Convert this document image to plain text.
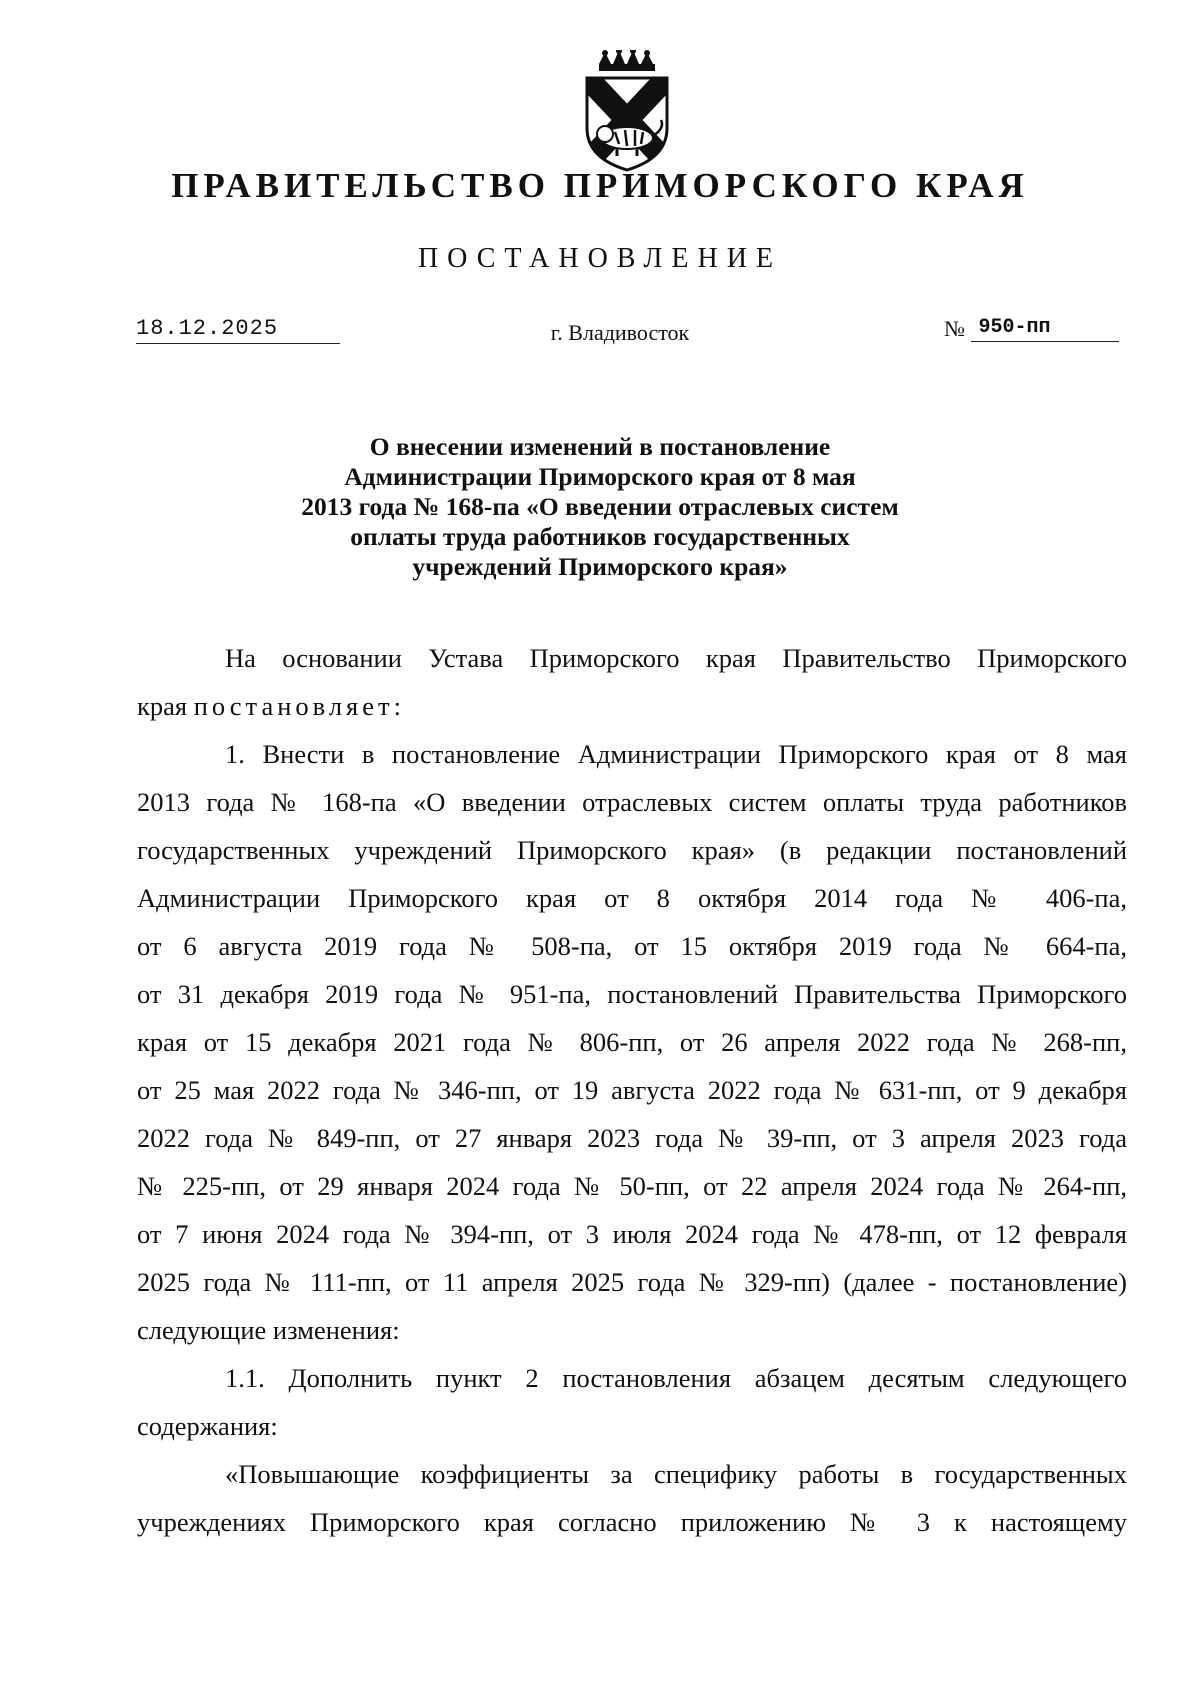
ПРАВИТЕЛЬСТВО ПРИМОРСКОГО КРАЯ
ПОСТАНОВЛЕНИЕ
18.12.2025	г. Владивосток	№ 950-пп
О внесении изменений в постановление
Администрации Приморского края от 8 мая
2013 года № 168-па «О введении отраслевых систем
оплаты труда работников государственных
учреждений Приморского края»
На основании Устава Приморского края Правительство Приморского
края постановляет:
1. Внести в постановление Администрации Приморского края от 8 мая
2013 года № 168-па «О введении отраслевых систем оплаты труда работников
государственных учреждений Приморского края» (в редакции постановлений
Администрации Приморского края от 8 октября 2014 года № 406-па,
от 6 августа 2019 года № 508-па, от 15 октября 2019 года № 664-па,
от 31 декабря 2019 года № 951-па, постановлений Правительства Приморского
края от 15 декабря 2021 года № 806-пп, от 26 апреля 2022 года № 268-пп,
от 25 мая 2022 года № 346-пп, от 19 августа 2022 года № 631-пп, от 9 декабря
2022 года № 849-пп, от 27 января 2023 года № 39-пп, от 3 апреля 2023 года
№ 225-пп, от 29 января 2024 года № 50-пп, от 22 апреля 2024 года № 264-пп,
от 7 июня 2024 года № 394-пп, от 3 июля 2024 года № 478-пп, от 12 февраля
2025 года № 111-пп, от 11 апреля 2025 года № 329-пп) (далее - постановление)
следующие изменения:
1.1. Дополнить пункт 2 постановления абзацем десятым следующего
содержания:
«Повышающие коэффициенты за специфику работы в государственных
учреждениях Приморского края согласно приложению № 3 к настоящему
